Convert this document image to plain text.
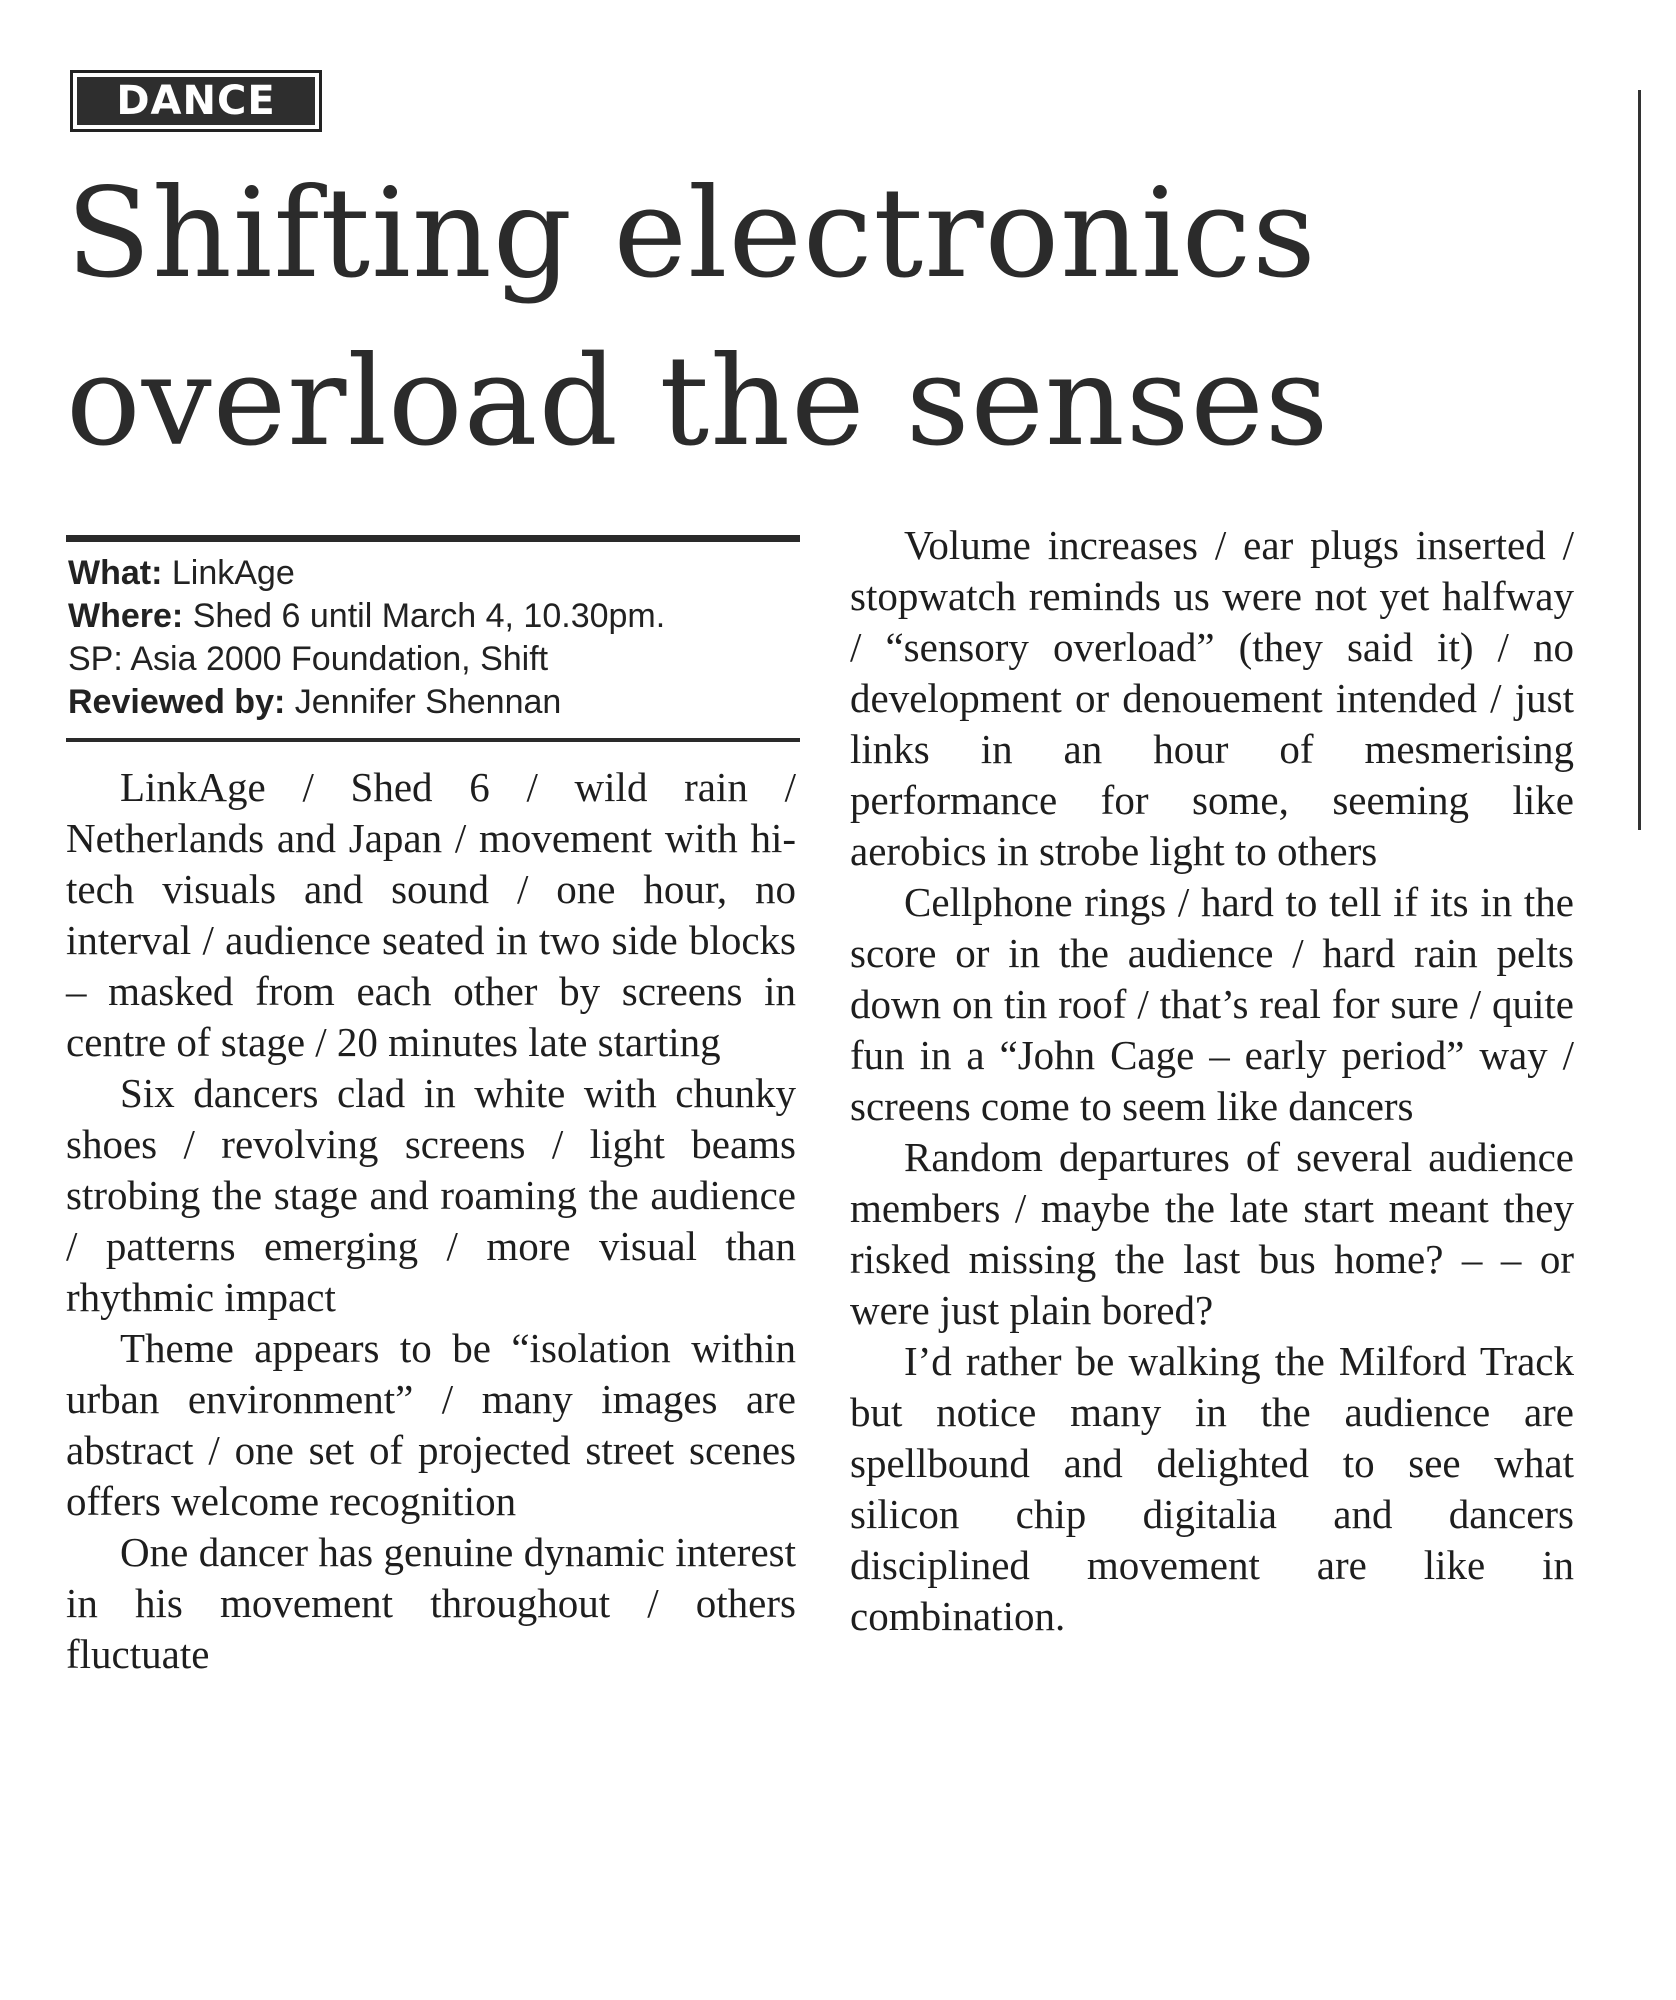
DANCE
Shifting electronics
overload the senses
What: LinkAge
Where: Shed 6 until March 4, 10.30pm.
SP: Asia 2000 Foundation, Shift
Reviewed by: Jennifer Shennan

LinkAge / Shed 6 / wild rain / Netherlands and Japan / movement with hi-tech visuals and sound / one hour, no interval / audience seated in two side blocks – masked from each other by screens in centre of stage / 20 minutes late starting

Six dancers clad in white with chunky shoes / revolving screens / light beams strobing the stage and roaming the audience / patterns emerging / more visual than rhythmic impact

Theme appears to be “isolation within urban environment” / many images are abstract / one set of projected street scenes offers welcome recognition

One dancer has genuine dynamic interest in his movement throughout / others fluctuate

Volume increases / ear plugs inserted / stopwatch reminds us were not yet halfway / “sensory overload” (they said it) / no development or denouement intended / just links in an hour of mesmerising performance for some, seeming like aerobics in strobe light to others

Cellphone rings / hard to tell if its in the score or in the audience / hard rain pelts down on tin roof / that’s real for sure / quite fun in a “John Cage – early period” way / screens come to seem like dancers

Random departures of several audience members / maybe the late start meant they risked missing the last bus home? – – or were just plain bored?

I’d rather be walking the Milford Track but notice many in the audience are spellbound and delighted to see what silicon chip digitalia and dancers disciplined movement are like in combination.
